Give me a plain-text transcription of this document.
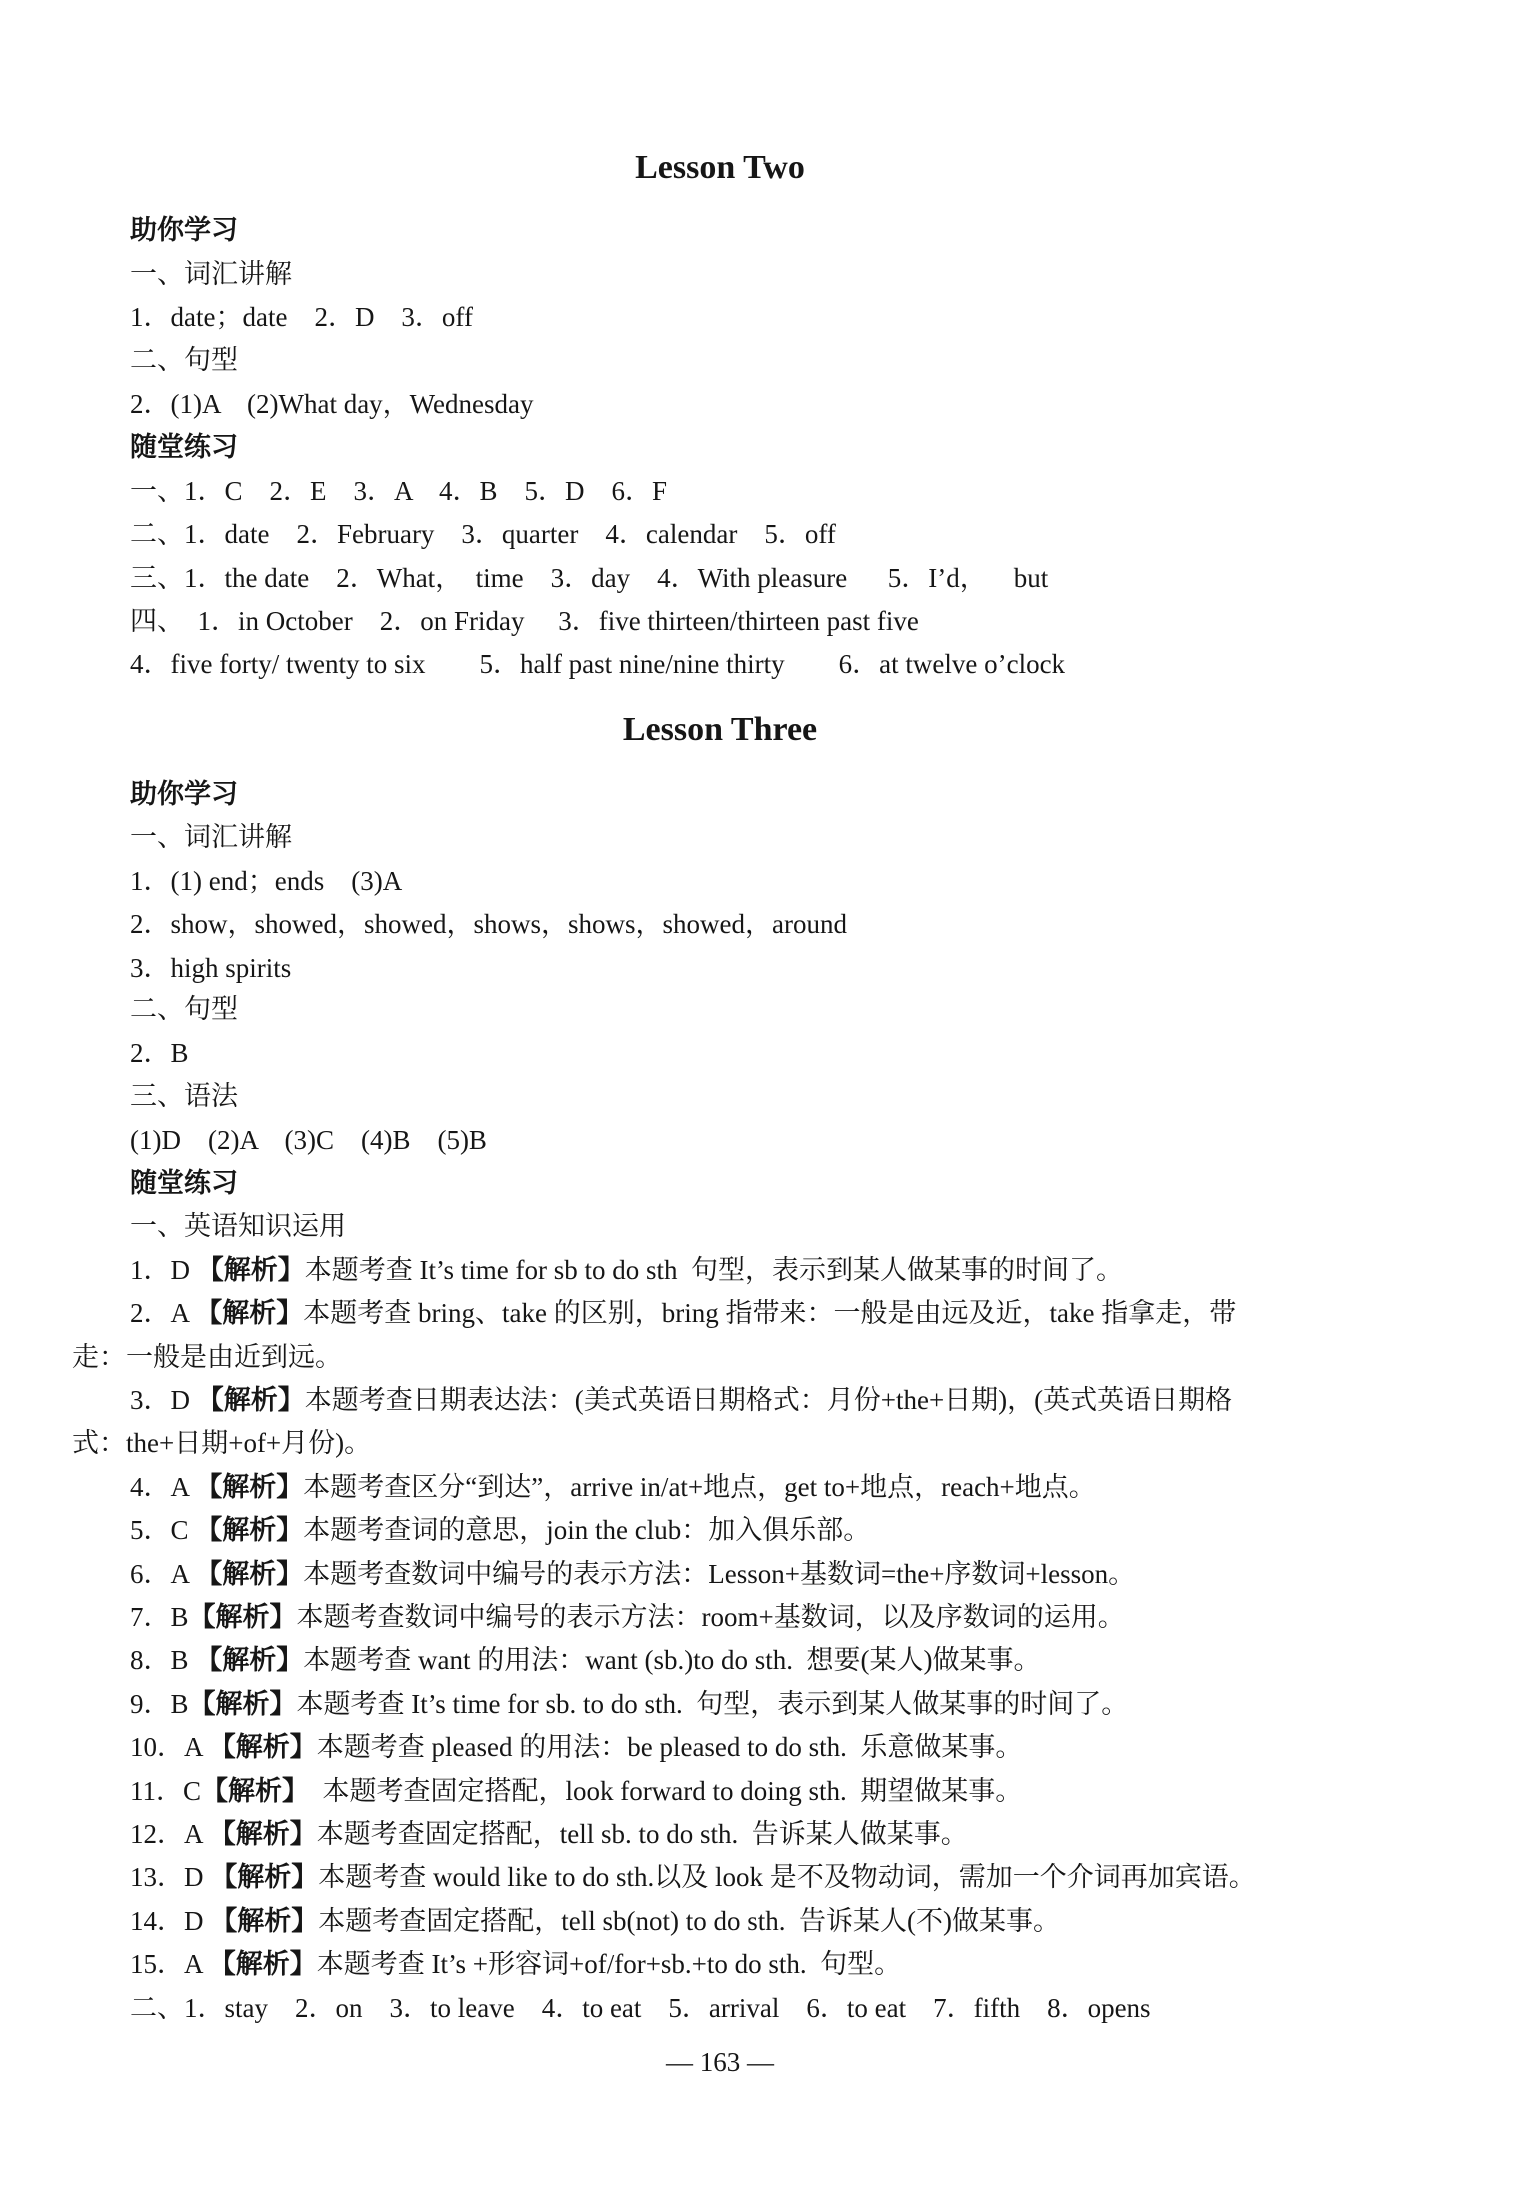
Lesson Two
助你学习
一、词汇讲解
1．date；date    2．D    3．off
二、句型
2．(1)A    (2)What day，Wednesday
随堂练习
一、1．C    2．E    3．A    4．B    5．D    6．F
二、1．date    2．February    3．quarter    4．calendar    5．off
三、1．the date    2．What，  time    3．day    4．With pleasure      5．I’d，    but
四、  1．in October    2．on Friday     3．five thirteen/thirteen past five
4．five forty/ twenty to six        5．half past nine/nine thirty        6．at twelve o’clock
Lesson Three
助你学习
一、词汇讲解
1．(1) end；ends    (3)A
2．show，showed，showed，shows，shows，showed，around
3．high spirits
二、句型
2．B
三、语法
(1)D    (2)A    (3)C    (4)B    (5)B
随堂练习
一、英语知识运用
1．D 【解析】本题考查 It’s time for sb to do sth  句型，表示到某人做某事的时间了。
2．A 【解析】本题考查 bring、take 的区别，bring 指带来：一般是由远及近，take 指拿走，带
走：一般是由近到远。
3．D 【解析】本题考查日期表达法：(美式英语日期格式：月份+the+日期)，(英式英语日期格
式：the+日期+of+月份)。
4．A 【解析】本题考查区分“到达”，arrive in/at+地点，get to+地点，reach+地点。
5．C 【解析】本题考查词的意思，join the club：加入俱乐部。
6．A 【解析】本题考查数词中编号的表示方法：Lesson+基数词=the+序数词+lesson。
7．B【解析】本题考查数词中编号的表示方法：room+基数词，以及序数词的运用。
8．B 【解析】本题考查 want 的用法：want (sb.)to do sth.  想要(某人)做某事。
9．B【解析】本题考查 It’s time for sb. to do sth.  句型，表示到某人做某事的时间了。
10．A 【解析】本题考查 pleased 的用法：be pleased to do sth.  乐意做某事。
11．C【解析】  本题考查固定搭配，look forward to doing sth.  期望做某事。
12．A 【解析】本题考查固定搭配，tell sb. to do sth.  告诉某人做某事。
13．D 【解析】本题考查 would like to do sth.以及 look 是不及物动词，需加一个介词再加宾语。
14．D 【解析】本题考查固定搭配，tell sb(not) to do sth.  告诉某人(不)做某事。
15．A 【解析】本题考查 It’s +形容词+of/for+sb.+to do sth.  句型。
二、1．stay    2．on    3．to leave    4．to eat    5．arrival    6．to eat    7．fifth    8．opens
— 163 —
